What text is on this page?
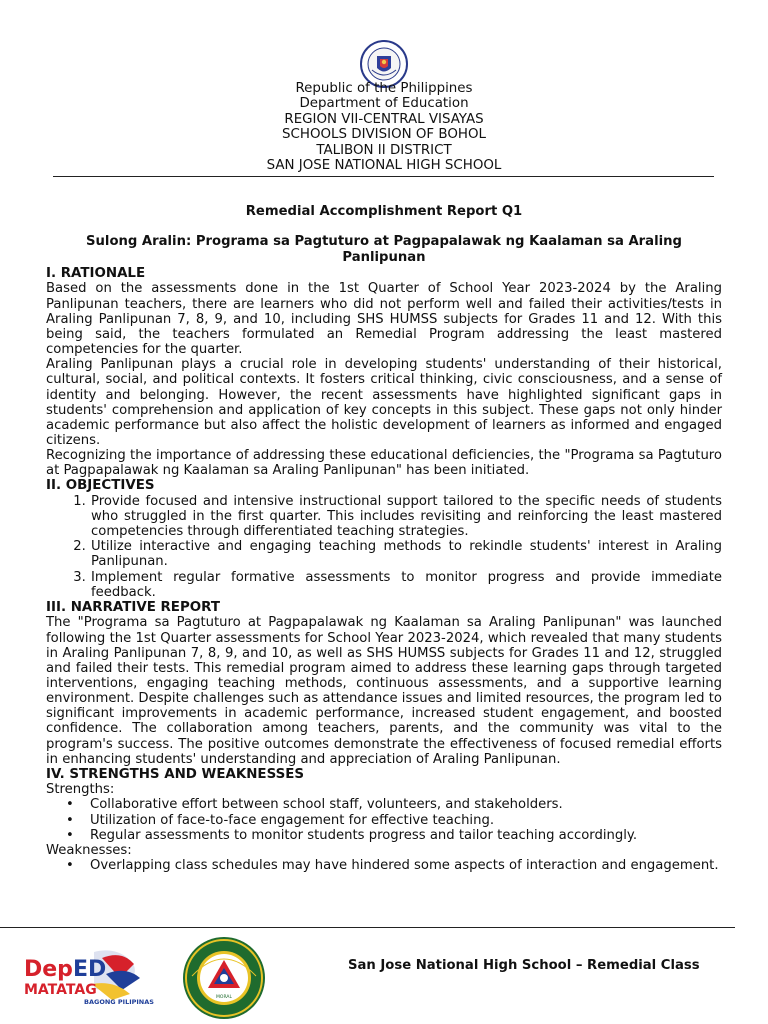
Republic of the Philippines
Department of Education
REGION VII-CENTRAL VISAYAS
SCHOOLS DIVISION OF BOHOL
TALIBON II DISTRICT
SAN JOSE NATIONAL HIGH SCHOOL
Remedial Accomplishment Report Q1
Sulong Aralin: Programa sa Pagtuturo at Pagpapalawak ng Kaalaman sa Araling Panlipunan
I. RATIONALE

Based on the assessments done in the 1st Quarter of School Year 2023-2024 by the Araling Panlipunan teachers, there are learners who did not perform well and failed their activities/tests in Araling Panlipunan 7, 8, 9, and 10, including SHS HUMSS subjects for Grades 11 and 12. With this being said, the teachers formulated an Remedial Program addressing the least mastered competencies for the quarter.

Araling Panlipunan plays a crucial role in developing students' understanding of their historical, cultural, social, and political contexts. It fosters critical thinking, civic consciousness, and a sense of identity and belonging. However, the recent assessments have highlighted significant gaps in students' comprehension and application of key concepts in this subject. These gaps not only hinder academic performance but also affect the holistic development of learners as informed and engaged citizens.

Recognizing the importance of addressing these educational deficiencies, the "Programa sa Pagtuturo at Pagpapalawak ng Kaalaman sa Araling Panlipunan" has been initiated.

II. OBJECTIVES
1. Provide focused and intensive instructional support tailored to the specific needs of students who struggled in the first quarter. This includes revisiting and reinforcing the least mastered competencies through differentiated teaching strategies.
2. Utilize interactive and engaging teaching methods to rekindle students' interest in Araling Panlipunan.
3. Implement regular formative assessments to monitor progress and provide immediate feedback.
III. NARRATIVE REPORT

The "Programa sa Pagtuturo at Pagpapalawak ng Kaalaman sa Araling Panlipunan" was launched following the 1st Quarter assessments for School Year 2023-2024, which revealed that many students in Araling Panlipunan 7, 8, 9, and 10, as well as SHS HUMSS subjects for Grades 11 and 12, struggled and failed their tests. This remedial program aimed to address these learning gaps through targeted interventions, engaging teaching methods, continuous assessments, and a supportive learning environment. Despite challenges such as attendance issues and limited resources, the program led to significant improvements in academic performance, increased student engagement, and boosted confidence. The collaboration among teachers, parents, and the community was vital to the program's success. The positive outcomes demonstrate the effectiveness of focused remedial efforts in enhancing students' understanding and appreciation of Araling Panlipunan.

IV. STRENGTHS AND WEAKNESSES
Strengths:
• Collaborative effort between school staff, volunteers, and stakeholders.
• Utilization of face-to-face engagement for effective teaching.
• Regular assessments to monitor students progress and tailor teaching accordingly.
Weaknesses:
• Overlapping class schedules may have hindered some aspects of interaction and engagement.
DepED
MATATAG
BAGONG PILIPINAS
MORAL
San Jose National High School – Remedial Class
